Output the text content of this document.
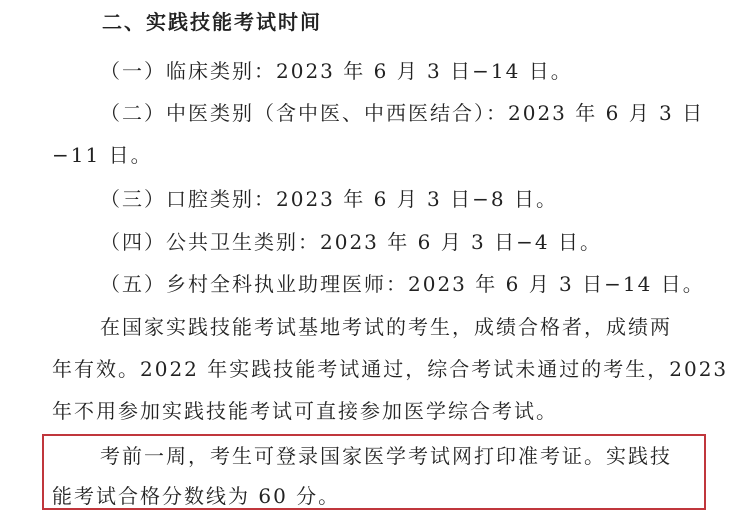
二、实践技能考试时间
（一）临床类别：2023 年 6 月 3 日−14 日。
（二）中医类别（含中医、中西医结合）：2023 年 6 月 3 日
−11 日。
（三）口腔类别：2023 年 6 月 3 日−8 日。
（四）公共卫生类别：2023 年 6 月 3 日−4 日。
（五）乡村全科执业助理医师：2023 年 6 月 3 日−14 日。
在国家实践技能考试基地考试的考生，成绩合格者，成绩两
年有效。2022 年实践技能考试通过，综合考试未通过的考生，2023
年不用参加实践技能考试可直接参加医学综合考试。
考前一周，考生可登录国家医学考试网打印准考证。实践技
能考试合格分数线为 60 分。
